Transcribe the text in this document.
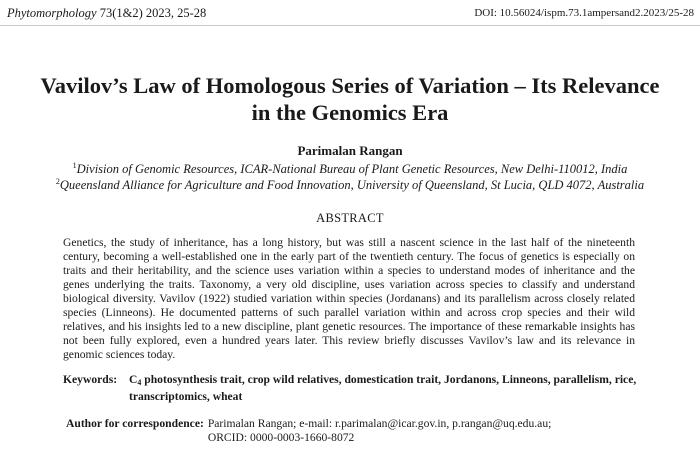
Phytomorphology 73(1&2) 2023, 25-28	DOI: 10.56024/ispm.73.1ampersand2.2023/25-28
Vavilov’s Law of Homologous Series of Variation – Its Relevance
in the Genomics Era
Parimalan Rangan
$^1$Division of Genomic Resources, ICAR-National Bureau of Plant Genetic Resources, New Delhi-110012, India
$^2$Queensland Alliance for Agriculture and Food Innovation, University of Queensland, St Lucia, QLD 4072, Australia
ABSTRACT
Genetics, the study of inheritance, has a long history, but was still a nascent science in the last half of the nineteenth century, becoming a well-established one in the early part of the twentieth century. The focus of genetics is especially on traits and their heritability, and the science uses variation within a species to understand modes of inheritance and the genes underlying the traits. Taxonomy, a very old discipline, uses variation across species to classify and understand biological diversity. Vavilov (1922) studied variation within species (Jordanans) and its parallelism across closely related species (Linneons). He documented patterns of such parallel variation within and across crop species and their wild relatives, and his insights led to a new discipline, plant genetic resources. The importance of these remarkable insights has not been fully explored, even a hundred years later. This review briefly discusses Vavilov’s law and its relevance in genomic sciences today.
Keywords:	$C_4$ photosynthesis trait, crop wild relatives, domestication trait, Jordanons, Linneons, parallelism, rice, transcriptomics, wheat
Author for correspondence: Parimalan Rangan; e-mail: r.parimalan@icar.gov.in, p.rangan@uq.edu.au;
ORCID: 0000-0003-1660-8072
